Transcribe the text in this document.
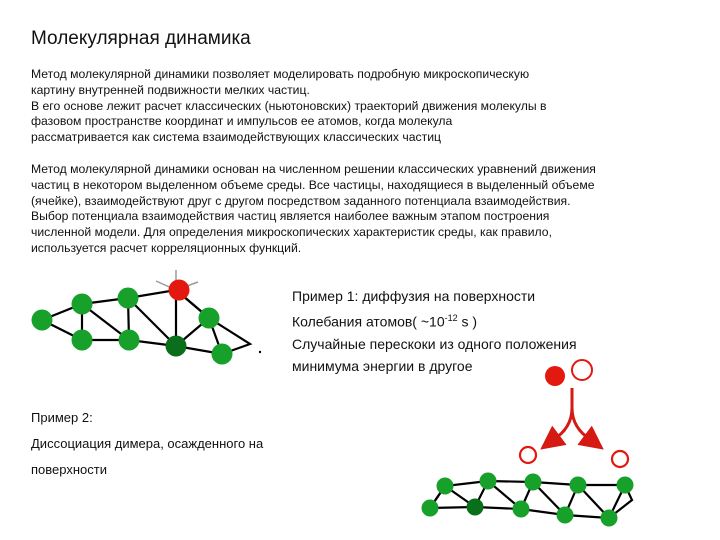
Молекулярная динамика

Метод молекулярной динамики позволяет моделировать подробную микроскопическую
картину внутренней подвижности мелких частиц.
В его основе лежит расчет классических (ньютоновских) траекторий движения молекулы в
фазовом пространстве координат и импульсов ее атомов, когда молекула
рассматривается как система взаимодействующих классических частиц

Метод молекулярной динамики основан на численном решении классических уравнений движения
частиц в некотором выделенном объеме среды. Все частицы, находящиеся в выделенный объеме
(ячейке), взаимодействуют друг с другом посредством заданного потенциала взаимодействия.
Выбор потенциала взаимодействия частиц является наиболее важным этапом построения
численной модели. Для определения микроскопических характеристик среды, как правило,
используется расчет корреляционных функций.

Пример 1: диффузия на поверхности
Колебания атомов( $\sim 10^{-12}$ s )
Случайные перескоки из одного положения
минимума энергии в другое
Пример 2:
Диссоциация димера, осажденного на
поверхности
